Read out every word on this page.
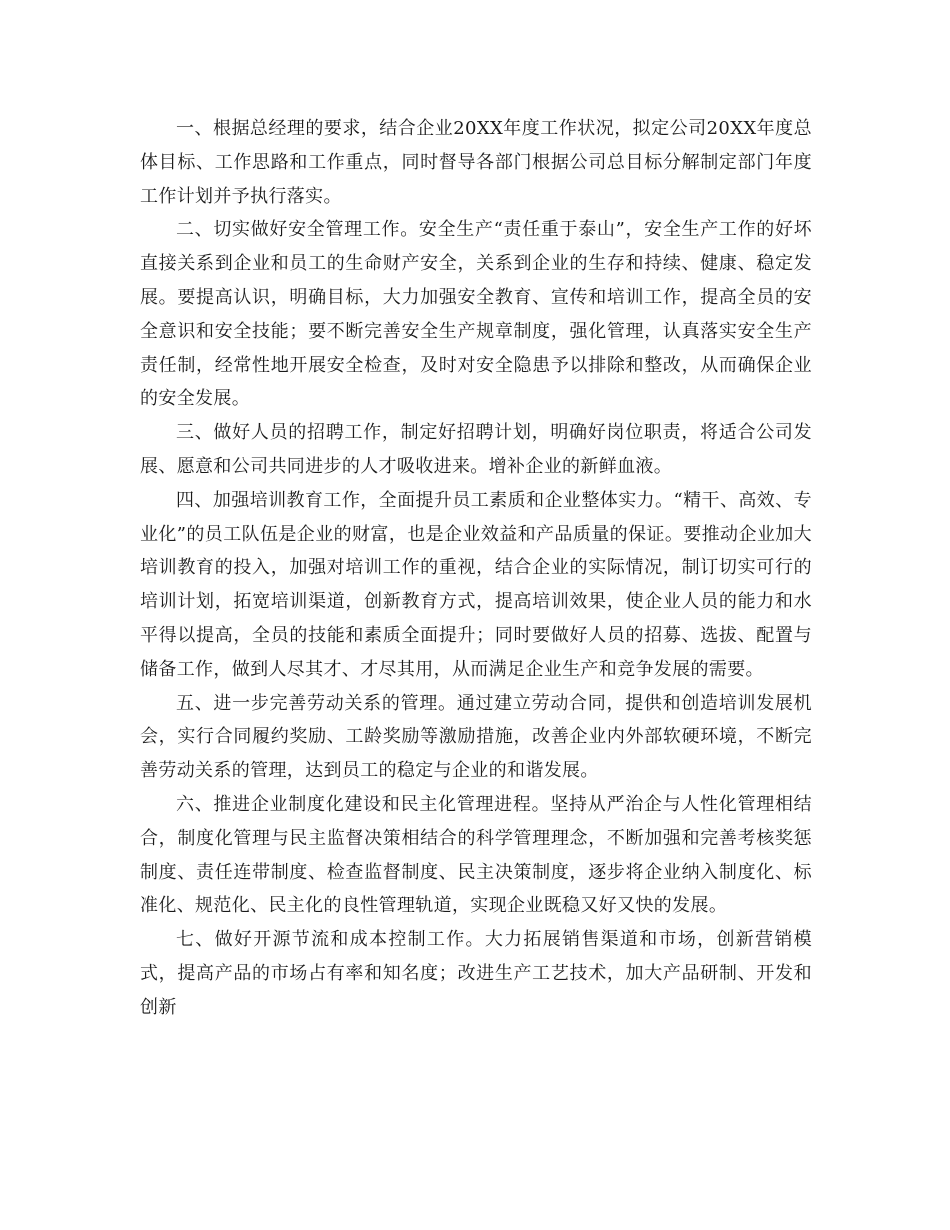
一、根据总经理的要求，结合企业20XX年度工作状况，拟定公司20XX年度总体目标、工作思路和工作重点，同时督导各部门根据公司总目标分解制定部门年度工作计划并予执行落实。

二、切实做好安全管理工作。安全生产“责任重于泰山”，安全生产工作的好坏直接关系到企业和员工的生命财产安全，关系到企业的生存和持续、健康、稳定发展。要提高认识，明确目标，大力加强安全教育、宣传和培训工作，提高全员的安全意识和安全技能；要不断完善安全生产规章制度，强化管理，认真落实安全生产责任制，经常性地开展安全检查，及时对安全隐患予以排除和整改，从而确保企业的安全发展。

三、做好人员的招聘工作，制定好招聘计划，明确好岗位职责，将适合公司发展、愿意和公司共同进步的人才吸收进来。增补企业的新鲜血液。

四、加强培训教育工作，全面提升员工素质和企业整体实力。“精干、高效、专业化”的员工队伍是企业的财富，也是企业效益和产品质量的保证。要推动企业加大培训教育的投入，加强对培训工作的重视，结合企业的实际情况，制订切实可行的培训计划，拓宽培训渠道，创新教育方式，提高培训效果，使企业人员的能力和水平得以提高，全员的技能和素质全面提升；同时要做好人员的招募、选拔、配置与储备工作，做到人尽其才、才尽其用，从而满足企业生产和竞争发展的需要。

五、进一步完善劳动关系的管理。通过建立劳动合同，提供和创造培训发展机会，实行合同履约奖励、工龄奖励等激励措施，改善企业内外部软硬环境，不断完善劳动关系的管理，达到员工的稳定与企业的和谐发展。

六、推进企业制度化建设和民主化管理进程。坚持从严治企与人性化管理相结合，制度化管理与民主监督决策相结合的科学管理理念，不断加强和完善考核奖惩制度、责任连带制度、检查监督制度、民主决策制度，逐步将企业纳入制度化、标准化、规范化、民主化的良性管理轨道，实现企业既稳又好又快的发展。

七、做好开源节流和成本控制工作。大力拓展销售渠道和市场，创新营销模式，提高产品的市场占有率和知名度；改进生产工艺技术，加大产品研制、开发和创新
